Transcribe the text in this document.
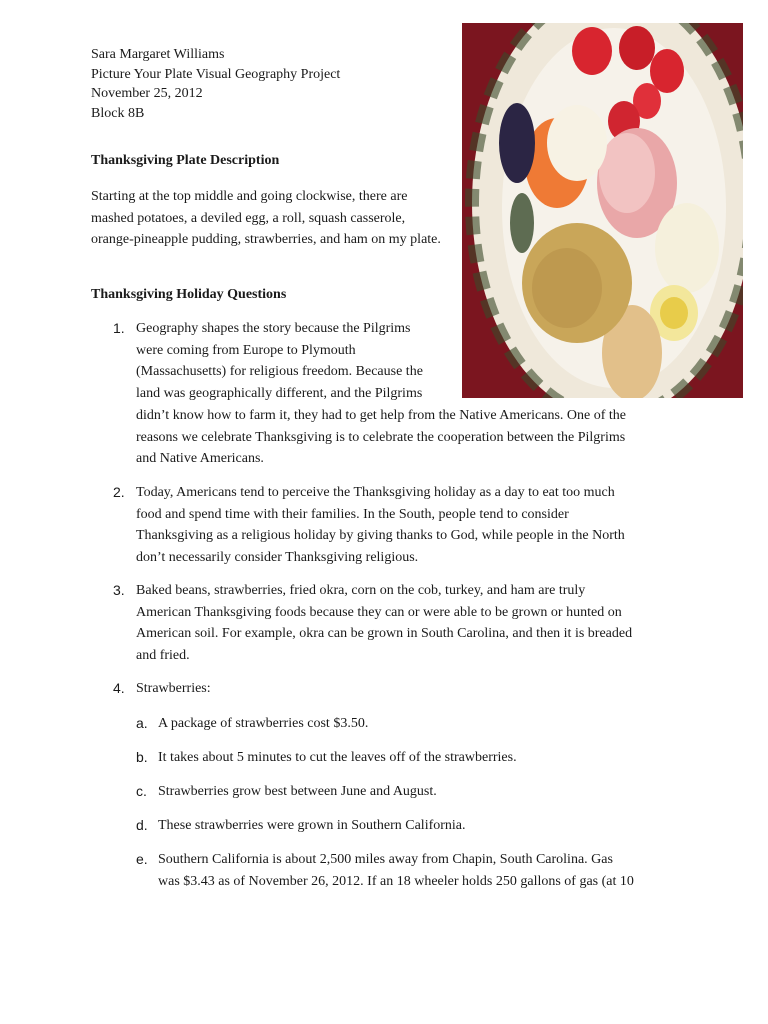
Sara Margaret Williams
Picture Your Plate Visual Geography Project
November 25, 2012
Block 8B
Thanksgiving Plate Description
Starting at the top middle and going clockwise, there are mashed potatoes, a deviled egg, a roll, squash casserole, orange-pineapple pudding, strawberries, and ham on my plate.
Thanksgiving Holiday Questions
1. Geography shapes the story because the Pilgrims
were coming from Europe to Plymouth
(Massachusetts) for religious freedom. Because the
land was geographically different, and the Pilgrims
didn’t know how to farm it, they had to get help from the Native Americans. One of the
reasons we celebrate Thanksgiving is to celebrate the cooperation between the Pilgrims
and Native Americans.
2. Today, Americans tend to perceive the Thanksgiving holiday as a day to eat too much
food and spend time with their families. In the South, people tend to consider
Thanksgiving as a religious holiday by giving thanks to God, while people in the North
don’t necessarily consider Thanksgiving religious.
3. Baked beans, strawberries, fried okra, corn on the cob, turkey, and ham are truly
American Thanksgiving foods because they can or were able to be grown or hunted on
American soil. For example, okra can be grown in South Carolina, and then it is breaded
and fried.
4. Strawberries:
a. A package of strawberries cost $3.50.
b. It takes about 5 minutes to cut the leaves off of the strawberries.
c. Strawberries grow best between June and August.
d. These strawberries were grown in Southern California.
e. Southern California is about 2,500 miles away from Chapin, South Carolina. Gas
was $3.43 as of November 26, 2012. If an 18 wheeler holds 250 gallons of gas (at 10
